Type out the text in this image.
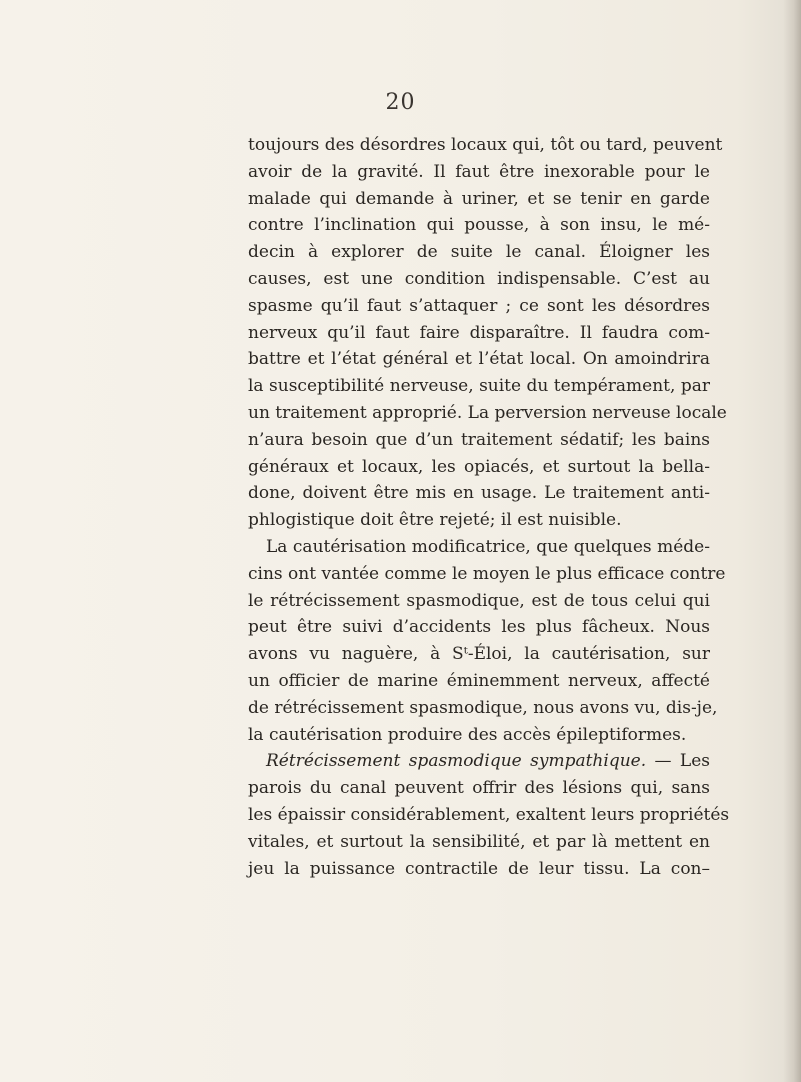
20
toujours des désordres locaux qui, tôt ou tard, peuvent
avoir de la gravité. Il faut être inexorable pour le
malade qui demande à uriner, et se tenir en garde
contre l’inclination qui pousse, à son insu, le mé-
decin à explorer de suite le canal. Éloigner les
causes, est une condition indispensable. C’est au
spasme qu’il faut s’attaquer ; ce sont les désordres
nerveux qu’il faut faire disparaître. Il faudra com-
battre et l’état général et l’état local. On amoindrira
la susceptibilité nerveuse, suite du tempérament, par
un traitement approprié. La perversion nerveuse locale
n’aura besoin que d’un traitement sédatif; les bains
généraux et locaux, les opiacés, et surtout la bella-
done, doivent être mis en usage. Le traitement anti-
phlogistique doit être rejeté; il est nuisible.
La cautérisation modificatrice, que quelques méde-
cins ont vantée comme le moyen le plus efficace contre
le rétrécissement spasmodique, est de tous celui qui
peut être suivi d’accidents les plus fâcheux. Nous
avons vu naguère, à Sᵗ-Éloi, la cautérisation, sur
un officier de marine éminemment nerveux, affecté
de rétrécissement spasmodique, nous avons vu, dis-je,
la cautérisation produire des accès épileptiformes.
Rétrécissement spasmodique sympathique. — Les
parois du canal peuvent offrir des lésions qui, sans
les épaissir considérablement, exaltent leurs propriétés
vitales, et surtout la sensibilité, et par là mettent en
jeu la puissance contractile de leur tissu. La con–
